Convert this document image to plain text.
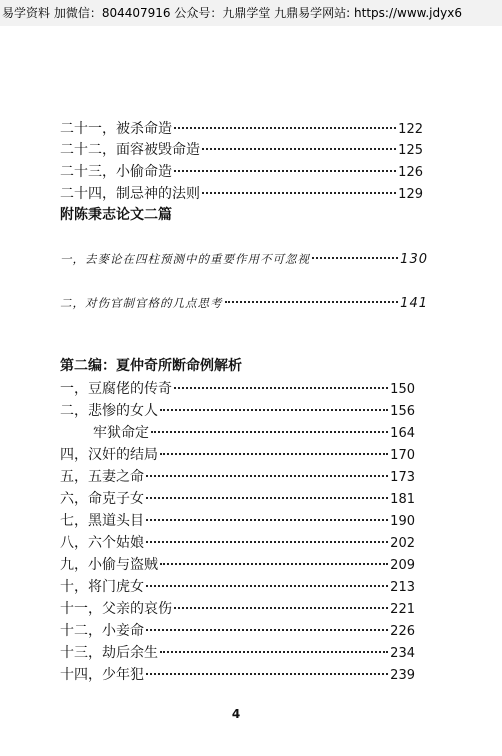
易学资料 加微信：804407916 公众号：九鼎学堂 九鼎易学网站: https://www.jdyx6
二十一， 被杀命造	122
二十二， 面容被毁命造	125
二十三， 小偷命造	126
二十四， 制忌神的法则	129
附陈秉志论文二篇
一， 去麥论在四柱预测中的重要作用不可忽视	130
二， 对伤官制官格的几点思考	141
第二编：夏仲奇所断命例解析
一， 豆腐佬的传奇	150
二， 悲惨的女人	156
牢狱命定	164
四， 汉奸的结局	170
五， 五妻之命	173
六， 命克子女	181
七， 黑道头目	190
八， 六个姑娘	202
九， 小偷与盗贼	209
十， 将门虎女	213
十一， 父亲的哀伤	221
十二， 小妾命	226
十三， 劫后余生	234
十四， 少年犯	239
4
